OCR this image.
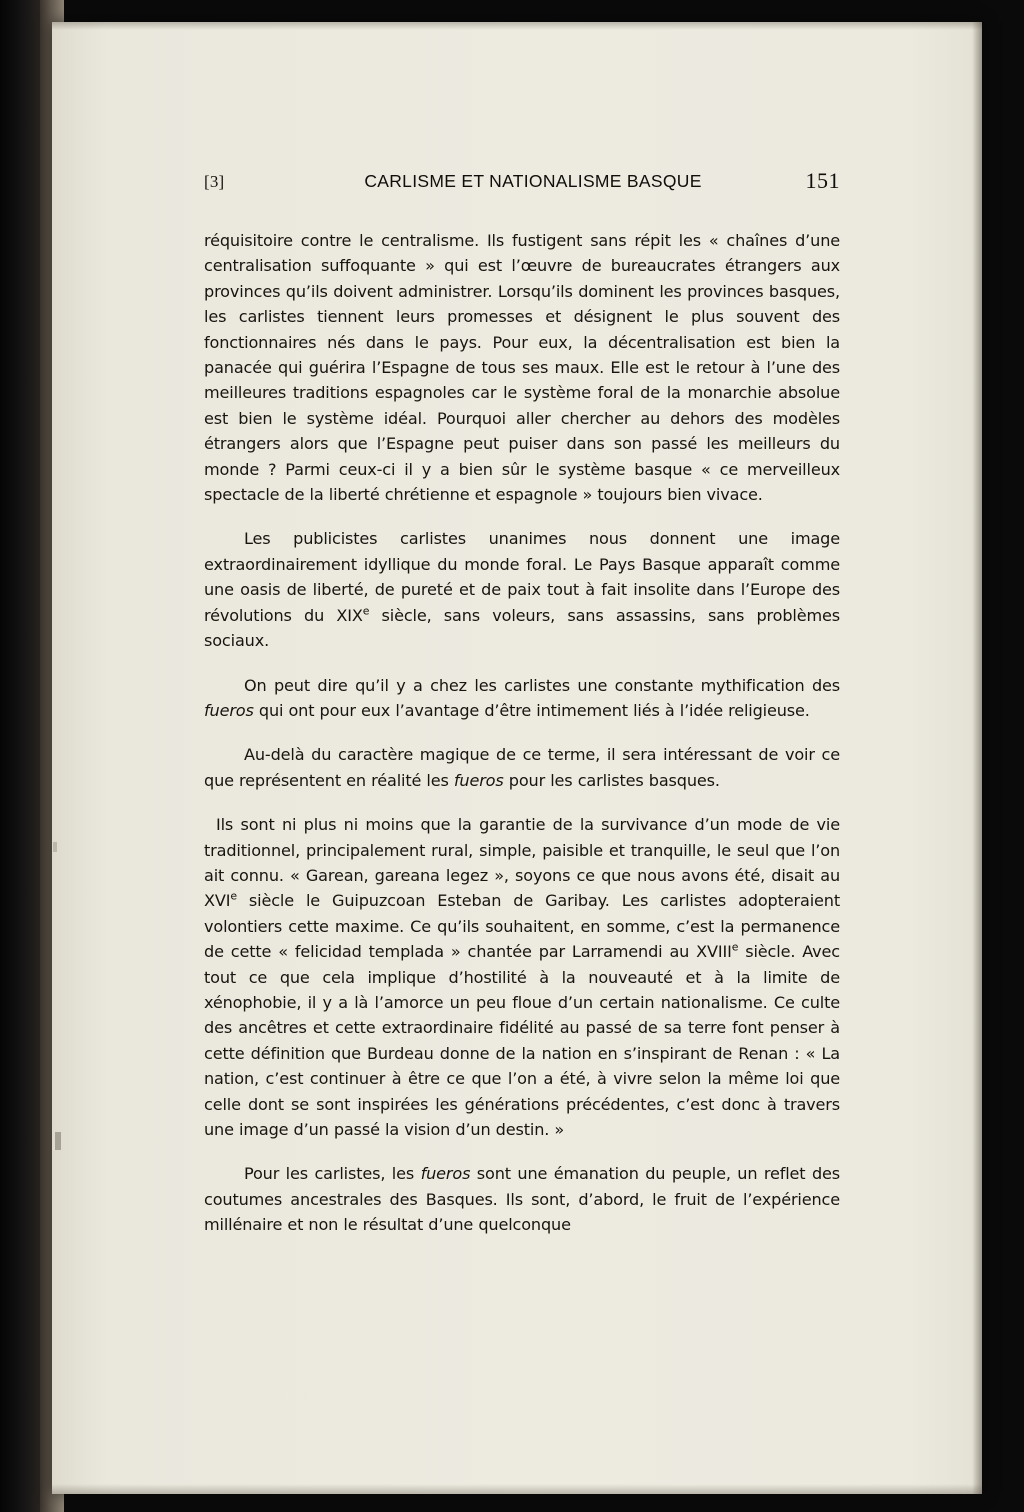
[3]	CARLISME ET NATIONALISME BASQUE	151

réquisitoire contre le centralisme. Ils fustigent sans répit les « chaînes d’une centralisation suffoquante » qui est l’œuvre de bureaucrates étrangers aux provinces qu’ils doivent administrer. Lorsqu’ils dominent les provinces basques, les carlistes tiennent leurs promesses et désignent le plus souvent des fonctionnaires nés dans le pays. Pour eux, la décentralisation est bien la panacée qui guérira l’Espagne de tous ses maux. Elle est le retour à l’une des meilleures traditions espagnoles car le système foral de la monarchie absolue est bien le système idéal. Pourquoi aller chercher au dehors des modèles étrangers alors que l’Espagne peut puiser dans son passé les meilleurs du monde ? Parmi ceux-ci il y a bien sûr le système basque « ce merveilleux spectacle de la liberté chrétienne et espagnole » toujours bien vivace.

Les publicistes carlistes unanimes nous donnent une image extraordinairement idyllique du monde foral. Le Pays Basque apparaît comme une oasis de liberté, de pureté et de paix tout à fait insolite dans l’Europe des révolutions du XIXe siècle, sans voleurs, sans assassins, sans problèmes sociaux.

On peut dire qu’il y a chez les carlistes une constante mythification des fueros qui ont pour eux l’avantage d’être intimement liés à l’idée religieuse.

Au-delà du caractère magique de ce terme, il sera intéressant de voir ce que représentent en réalité les fueros pour les carlistes basques.

Ils sont ni plus ni moins que la garantie de la survivance d’un mode de vie traditionnel, principalement rural, simple, paisible et tranquille, le seul que l’on ait connu. « Garean, gareana legez », soyons ce que nous avons été, disait au XVIe siècle le Guipuzcoan Esteban de Garibay. Les carlistes adopteraient volontiers cette maxime. Ce qu’ils souhaitent, en somme, c’est la permanence de cette « felicidad templada » chantée par Larramendi au XVIIIe siècle. Avec tout ce que cela implique d’hostilité à la nouveauté et à la limite de xénophobie, il y a là l’amorce un peu floue d’un certain nationalisme. Ce culte des ancêtres et cette extraordinaire fidélité au passé de sa terre font penser à cette définition que Burdeau donne de la nation en s’inspirant de Renan : « La nation, c’est continuer à être ce que l’on a été, à vivre selon la même loi que celle dont se sont inspirées les générations précédentes, c’est donc à travers une image d’un passé la vision d’un destin. »

Pour les carlistes, les fueros sont une émanation du peuple, un reflet des coutumes ancestrales des Basques. Ils sont, d’abord, le fruit de l’expérience millénaire et non le résultat d’une quelconque
